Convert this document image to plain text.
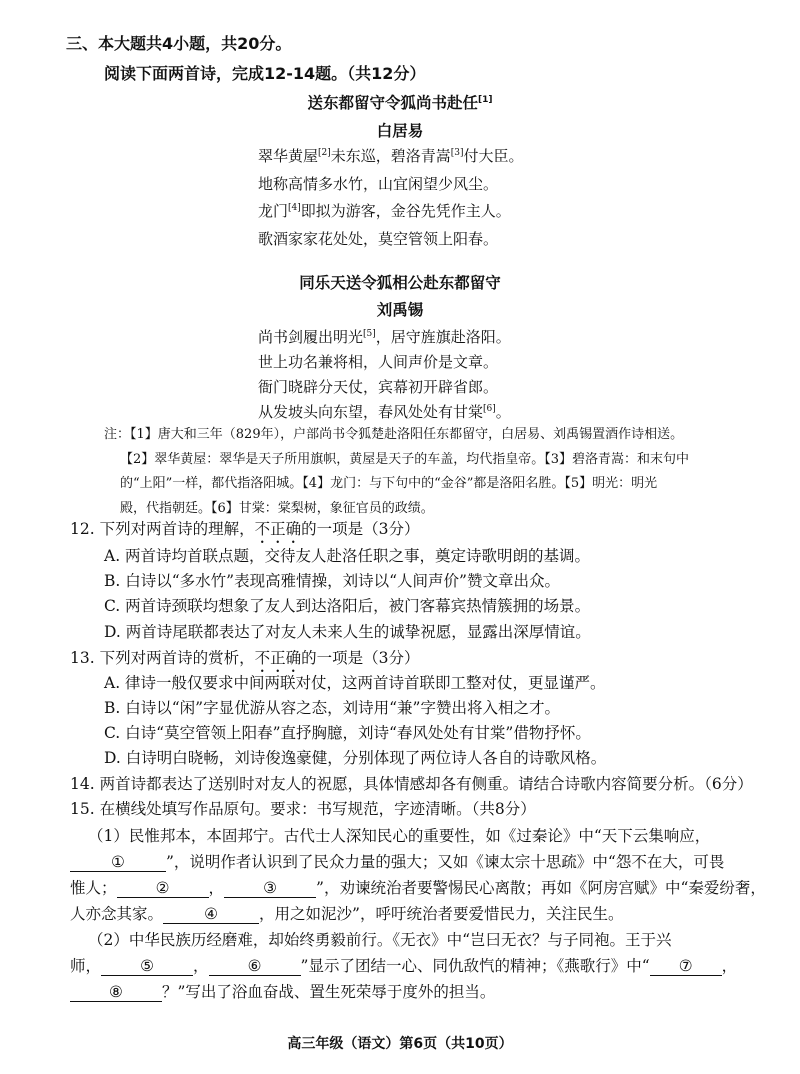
三、本大题共4小题，共20分。
阅读下面两首诗，完成12-14题。（共12分）
送东都留守令狐尚书赴任[1]
白居易
翠华黄屋[2]未东巡，碧洛青嵩[3]付大臣。
地称高情多水竹，山宜闲望少风尘。
龙门[4]即拟为游客，金谷先凭作主人。
歌酒家家花处处，莫空管领上阳春。
同乐天送令狐相公赴东都留守
刘禹锡
尚书剑履出明光[5]，居守旌旗赴洛阳。
世上功名兼将相，人间声价是文章。
衙门晓辟分天仗，宾幕初开辟省郎。
从发坡头向东望，春风处处有甘棠[6]。
注：【1】唐大和三年（829年），户部尚书令狐楚赴洛阳任东都留守，白居易、刘禹锡置酒作诗相送。
【2】翠华黄屋：翠华是天子所用旗帜，黄屋是天子的车盖，均代指皇帝。【3】碧洛青嵩：和末句中
的“上阳”一样，都代指洛阳城。【4】龙门：与下句中的“金谷”都是洛阳名胜。【5】明光：明光
殿，代指朝廷。【6】甘棠：棠梨树，象征官员的政绩。
12. 下列对两首诗的理解，不正确的一项是（3分）
A. 两首诗均首联点题，交待友人赴洛任职之事，奠定诗歌明朗的基调。
B. 白诗以“多水竹”表现高雅情操，刘诗以“人间声价”赞文章出众。
C. 两首诗颈联均想象了友人到达洛阳后，被门客幕宾热情簇拥的场景。
D. 两首诗尾联都表达了对友人未来人生的诚挚祝愿，显露出深厚情谊。
13. 下列对两首诗的赏析，不正确的一项是（3分）
A. 律诗一般仅要求中间两联对仗，这两首诗首联即工整对仗，更显谨严。
B. 白诗以“闲”字显优游从容之态，刘诗用“兼”字赞出将入相之才。
C. 白诗“莫空管领上阳春”直抒胸臆，刘诗“春风处处有甘棠”借物抒怀。
D. 白诗明白晓畅，刘诗俊逸豪健，分别体现了两位诗人各自的诗歌风格。
14. 两首诗都表达了送别时对友人的祝愿，具体情感却各有侧重。请结合诗歌内容简要分析。（6分）
15. 在横线处填写作品原句。要求：书写规范，字迹清晰。（共8分）
（1）民惟邦本，本固邦宁。古代士人深知民心的重要性，如《过秦论》中“天下云集响应，
①	”，说明作者认识到了民众力量的强大；又如《谏太宗十思疏》中“怨不在大，可畏
惟人；	②	，	③	”，劝谏统治者要警惕民心离散；再如《阿房宫赋》中“秦爱纷奢，
人亦念其家。	④	，用之如泥沙”，呼吁统治者要爱惜民力，关注民生。
（2）中华民族历经磨难，却始终勇毅前行。《无衣》中“岂曰无衣？与子同袍。王于兴
师，	⑤	，	⑥	”显示了团结一心、同仇敌忾的精神；《燕歌行》中“ ⑦ ，
⑧	？”写出了浴血奋战、置生死荣辱于度外的担当。
高三年级（语文）第6页（共10页）
